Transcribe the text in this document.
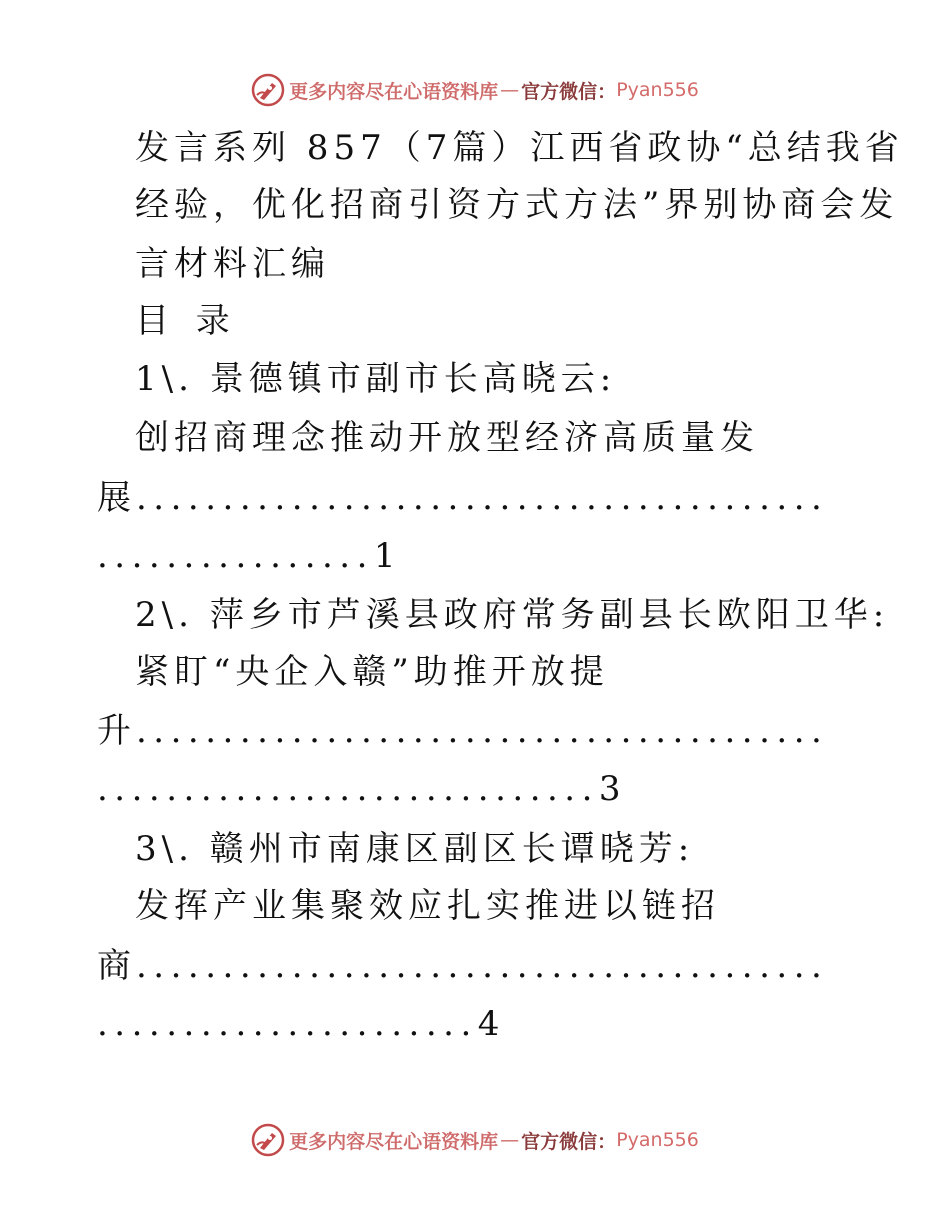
更多内容尽在心语资料库 — 官方微信： Pyan556
发言系列 857（7篇）江西省政协“总结我省
经验，优化招商引资方式方法”界别协商会发
言材料汇编
目 录
1\. 景德镇市副市长高晓云:
创招商理念推动开放型经济高质量发
展........................................
................1
2\. 萍乡市芦溪县政府常务副县长欧阳卫华:
紧盯“央企入赣”助推开放提
升........................................
.............................3
3\. 赣州市南康区副区长谭晓芳:
发挥产业集聚效应扎实推进以链招
商........................................
......................4
更多内容尽在心语资料库 — 官方微信： Pyan556
